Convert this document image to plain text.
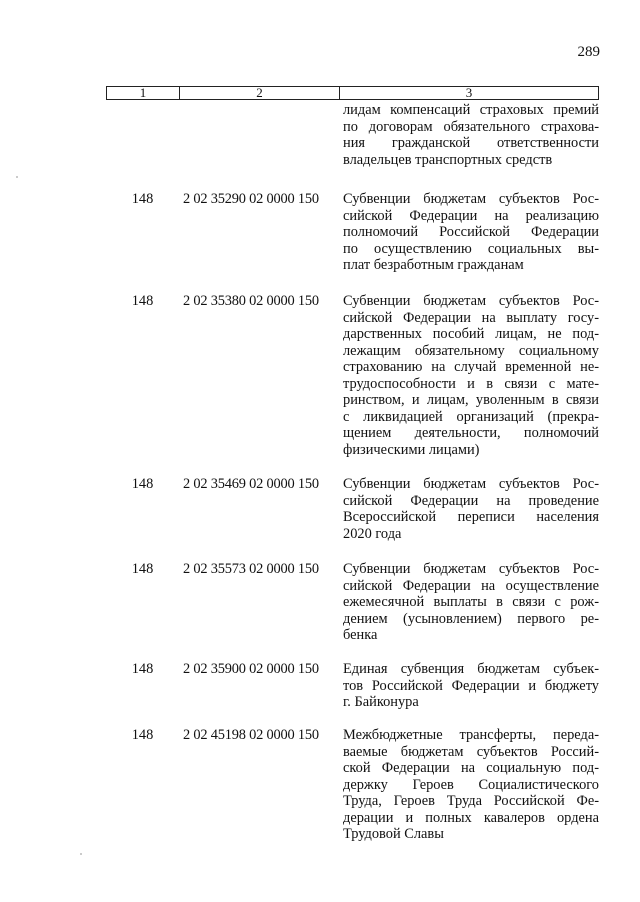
289
1	2	3
лидам компенсаций страховых премий
по договорам обязательного страхова-
ния гражданской ответственности
владельцев транспортных средств
148	2 02 35290 02 0000 150	Субвенции бюджетам субъектов Рос-
сийской Федерации на реализацию
полномочий Российской Федерации
по осуществлению социальных вы-
плат безработным гражданам
148	2 02 35380 02 0000 150	Субвенции бюджетам субъектов Рос-
сийской Федерации на выплату госу-
дарственных пособий лицам, не под-
лежащим обязательному социальному
страхованию на случай временной не-
трудоспособности и в связи с мате-
ринством, и лицам, уволенным в связи
с ликвидацией организаций (прекра-
щением деятельности, полномочий
физическими лицами)
148	2 02 35469 02 0000 150	Субвенции бюджетам субъектов Рос-
сийской Федерации на проведение
Всероссийской переписи населения
2020 года
148	2 02 35573 02 0000 150	Субвенции бюджетам субъектов Рос-
сийской Федерации на осуществление
ежемесячной выплаты в связи с рож-
дением (усыновлением) первого ре-
бенка
148	2 02 35900 02 0000 150	Единая субвенция бюджетам субъек-
тов Российской Федерации и бюджету
г. Байконура
148	2 02 45198 02 0000 150	Межбюджетные трансферты, переда-
ваемые бюджетам субъектов Россий-
ской Федерации на социальную под-
держку Героев Социалистического
Труда, Героев Труда Российской Фе-
дерации и полных кавалеров ордена
Трудовой Славы
